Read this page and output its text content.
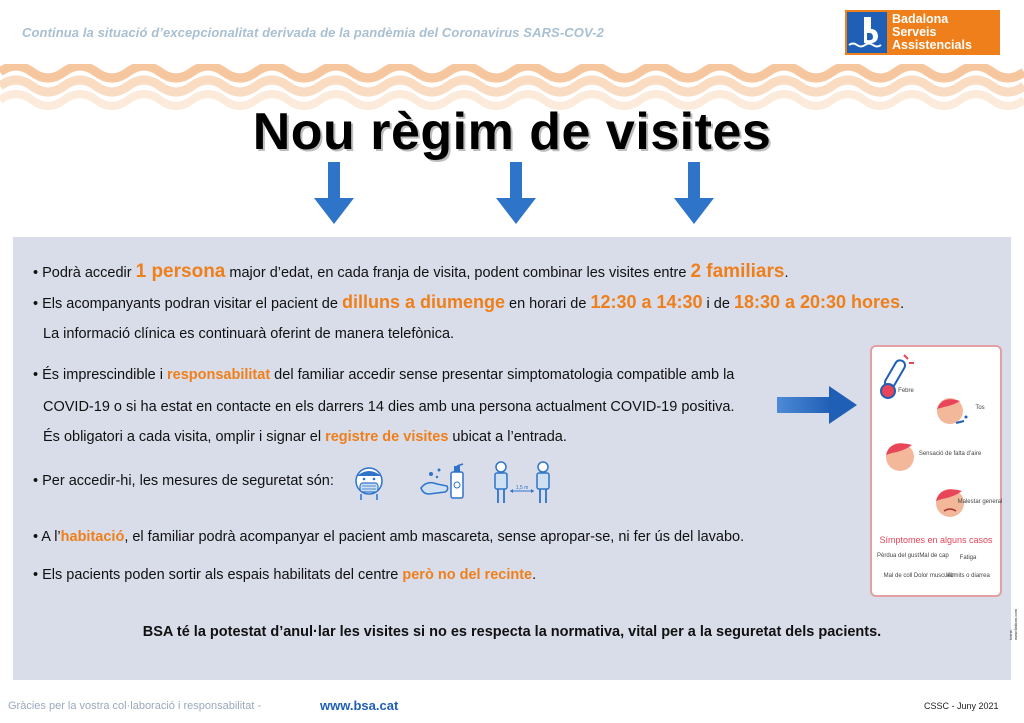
Continua la situació d’excepcionalitat derivada de la pandèmia del Coronavirus SARS-COV-2
Badalona
Serveis
Assistencials
Nou règim de visites
• Podrà accedir 1 persona major d’edat, en cada franja de visita, podent combinar les visites entre 2 familiars.
• Els acompanyants podran visitar el pacient de dilluns a diumenge en horari de 12:30 a 14:30 i de 18:30 a 20:30 hores.
La informació clínica es continuarà oferint de manera telefònica.
• És imprescindible i responsabilitat del familiar accedir sense presentar simptomatologia compatible amb la
COVID-19 o si ha estat en contacte en els darrers 14 dies amb una persona actualment COVID-19 positiva.
És obligatori a cada visita, omplir i signar el registre de visites ubicat a l’entrada.
• Per accedir-hi, les mesures de seguretat són:	1,5 m
• A l’habitació, el familiar podrà acompanyar el pacient amb mascareta, sense apropar-se, ni fer ús del lavabo.
• Els pacients poden sortir als espais habilitats del centre però no del recinte.
Febre
Tos
Sensació de falta d’aire
Malestar general
Símptomes en alguns casos
Pèrdua del gust Mal de cap	Fatiga
Mal de coll Dolor muscular
Vòmits o diarrea
BSA té la potestat d’anul·lar les visites si no es respecta la normativa, vital per a la seguretat dels pacients.
Gràcies per la vostra col·laboració i responsabilitat -	www.bsa.cat	CSSC - Juny 2021
Icons: www.flaticon.com
